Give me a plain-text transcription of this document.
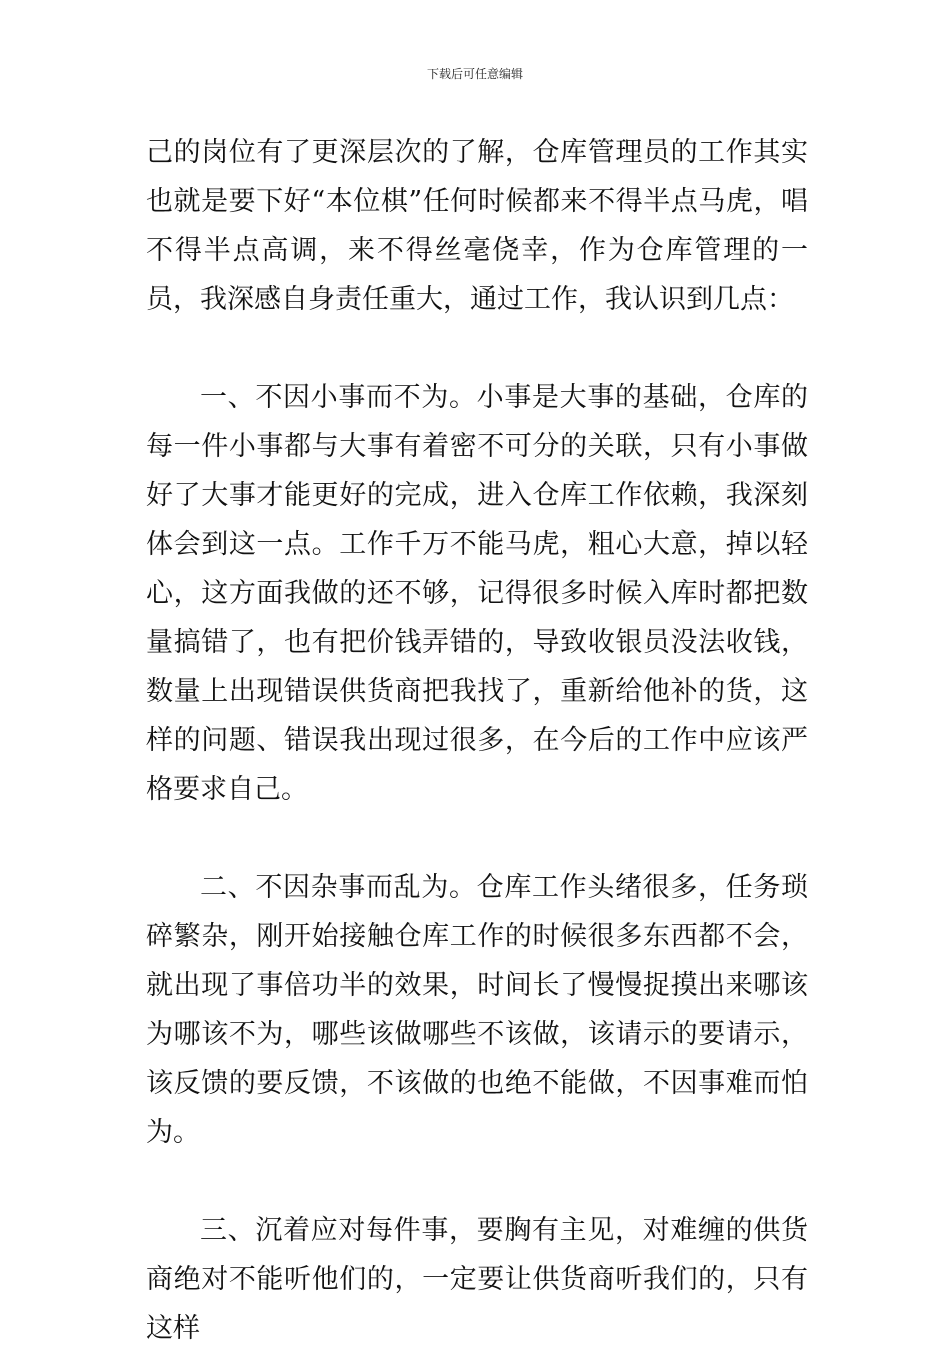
下载后可任意编辑

己的岗位有了更深层次的了解，仓库管理员的工作其实也就是要下好“本位棋”任何时候都来不得半点马虎，唱不得半点高调，来不得丝毫侥幸，作为仓库管理的一员，我深感自身责任重大，通过工作，我认识到几点：

一、不因小事而不为。小事是大事的基础，仓库的每一件小事都与大事有着密不可分的关联，只有小事做好了大事才能更好的完成，进入仓库工作依赖，我深刻体会到这一点。工作千万不能马虎，粗心大意，掉以轻心，这方面我做的还不够，记得很多时候入库时都把数量搞错了，也有把价钱弄错的，导致收银员没法收钱，数量上出现错误供货商把我找了，重新给他补的货，这样的问题、错误我出现过很多，在今后的工作中应该严格要求自己。

二、不因杂事而乱为。仓库工作头绪很多，任务琐碎繁杂，刚开始接触仓库工作的时候很多东西都不会，就出现了事倍功半的效果，时间长了慢慢捉摸出来哪该为哪该不为，哪些该做哪些不该做，该请示的要请示，该反馈的要反馈，不该做的也绝不能做，不因事难而怕为。

三、沉着应对每件事，要胸有主见，对难缠的供货商绝对不能听他们的，一定要让供货商听我们的，只有这样
